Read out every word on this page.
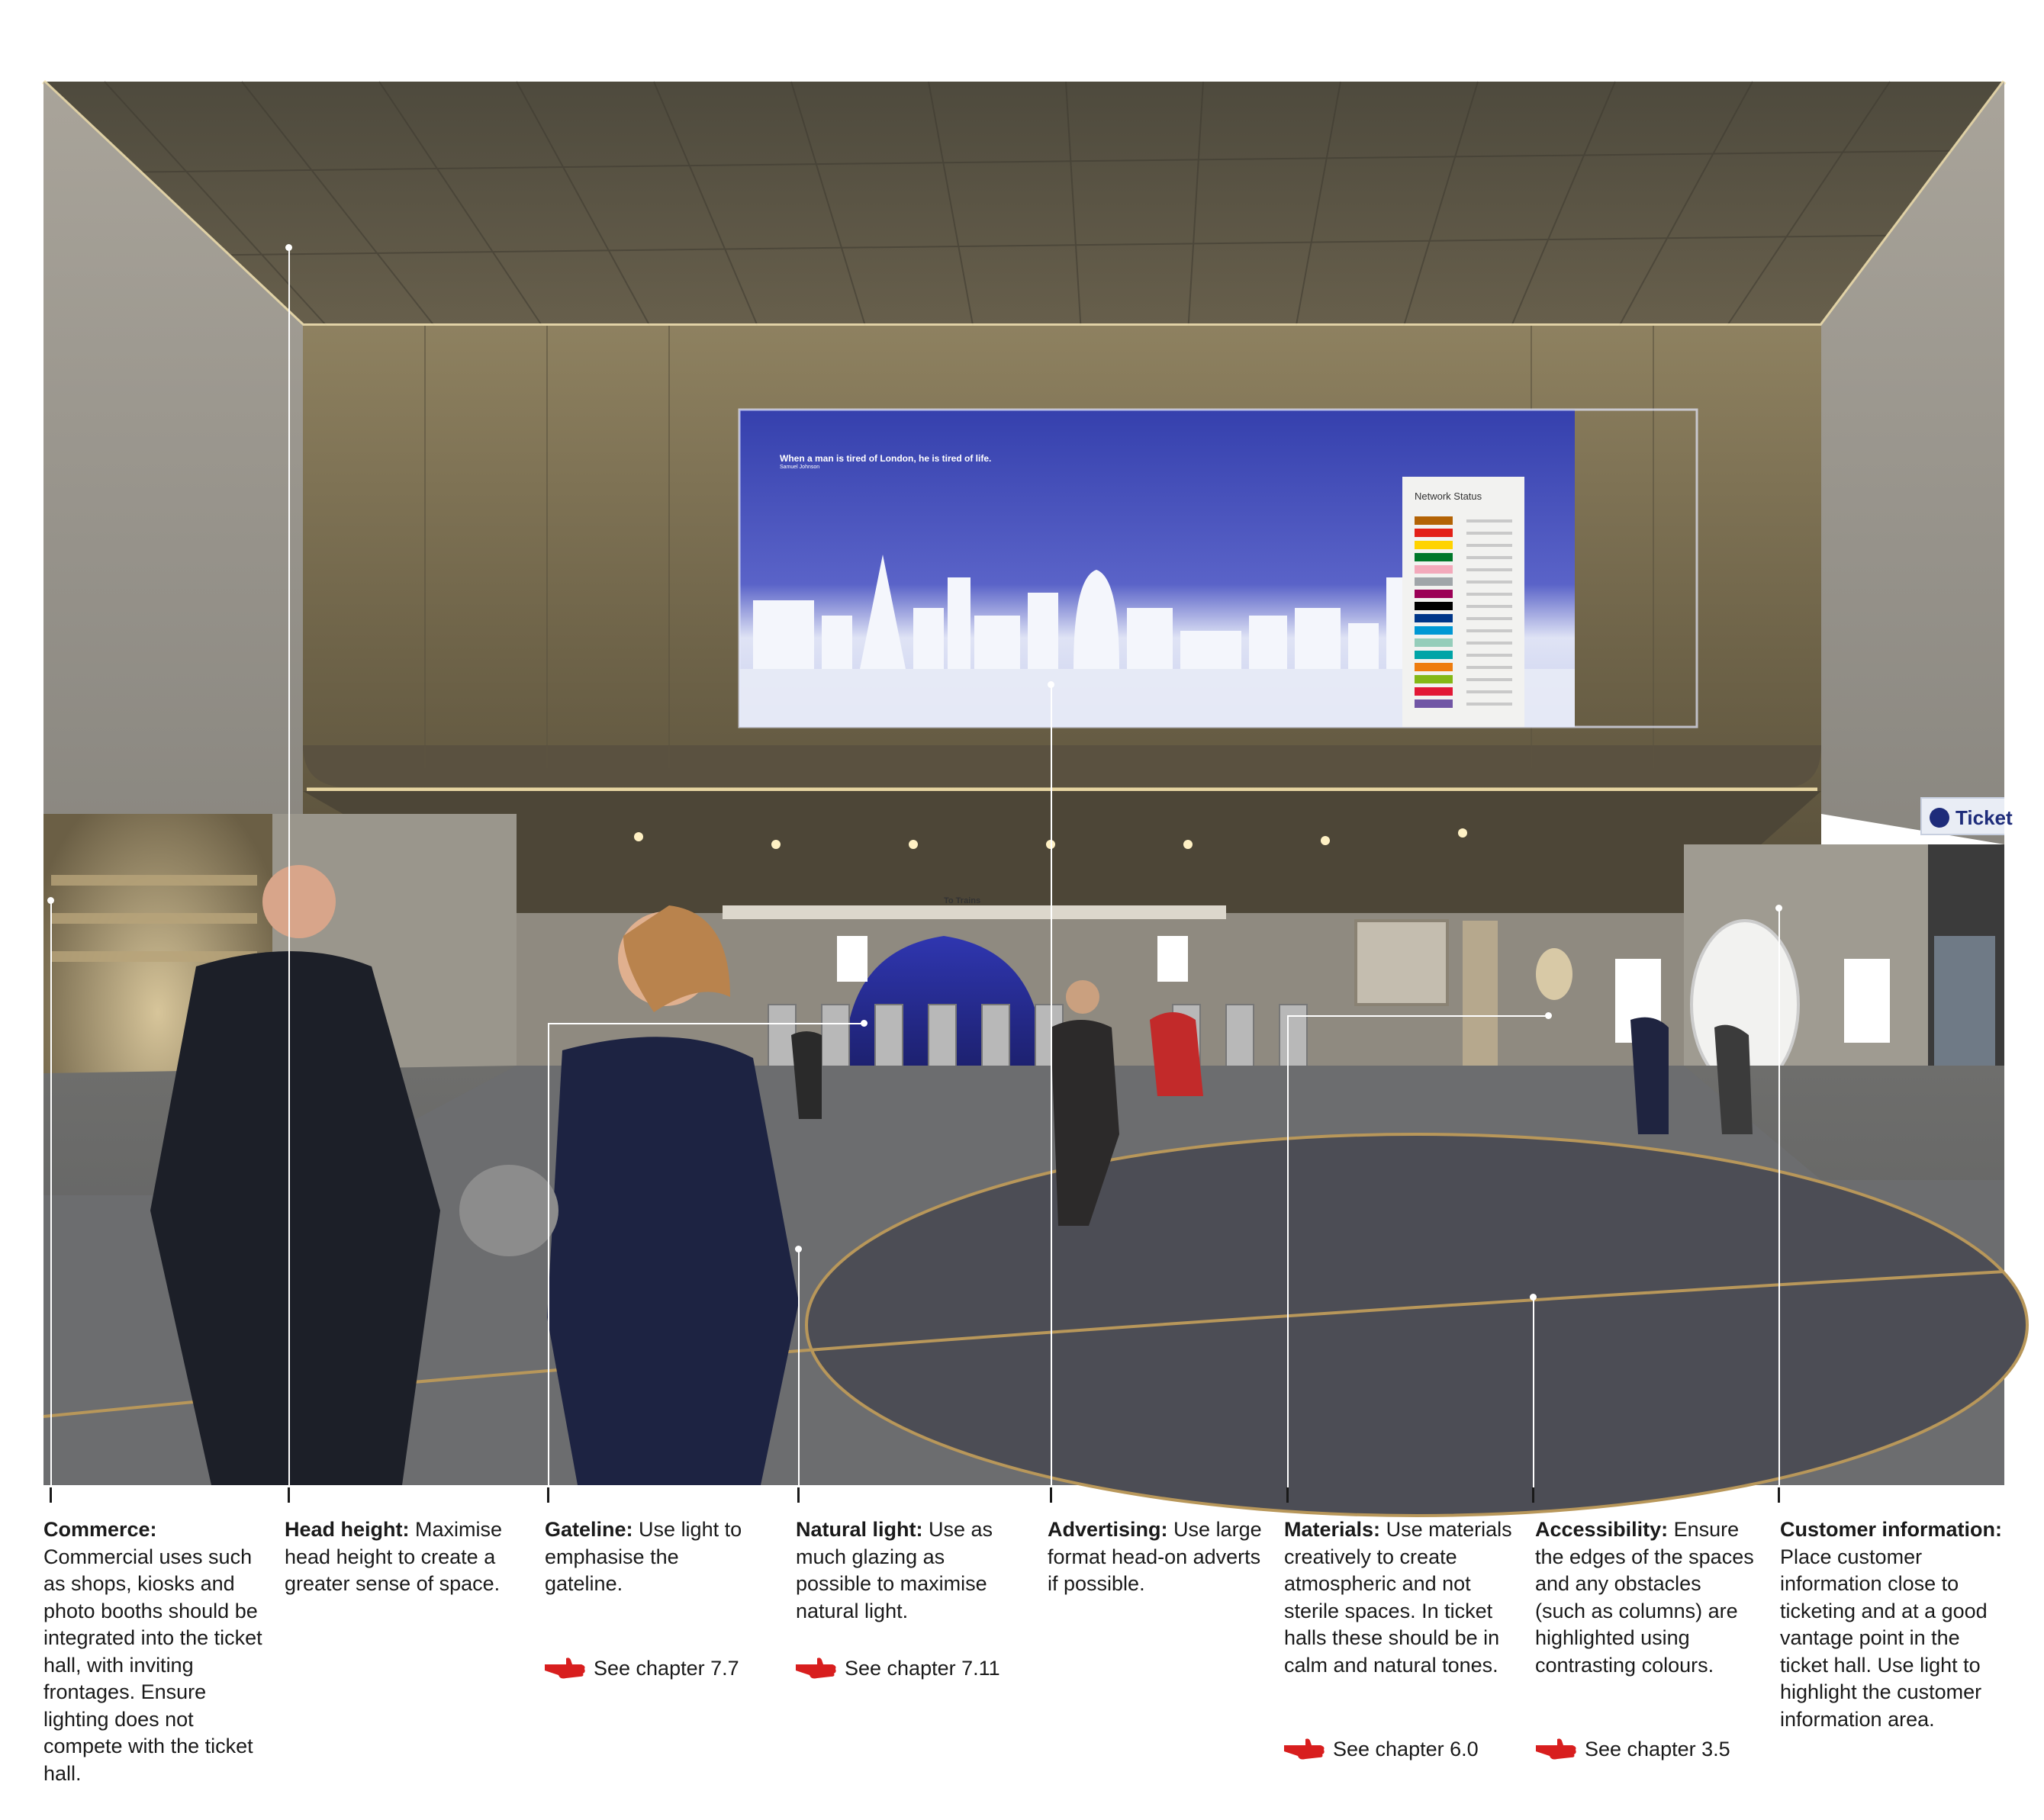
When a man is tired of London, he is tired of life.
Samuel Johnson
Network Status
To Trains
Ticket
Commerce: Commercial uses such as shops, kiosks and photo booths should be integrated into the ticket hall, with inviting frontages. Ensure lighting does not compete with the ticket hall.
Head height: Maximise head height to create a greater sense of space.
Gateline: Use light to emphasise the gateline.
Natural light: Use as much glazing as possible to maximise natural light.
Advertising: Use large format head-on adverts if possible.
Materials: Use materials creatively to create atmospheric and not sterile spaces. In ticket halls these should be in calm and natural tones.
Accessibility: Ensure the edges of the spaces and any obstacles (such as columns) are highlighted using contrasting colours.
Customer information: Place customer information close to ticketing and at a good vantage point in the ticket hall. Use light to highlight the customer information area.
See chapter 7.7	See chapter 7.11
See chapter 6.0	See chapter 3.5
